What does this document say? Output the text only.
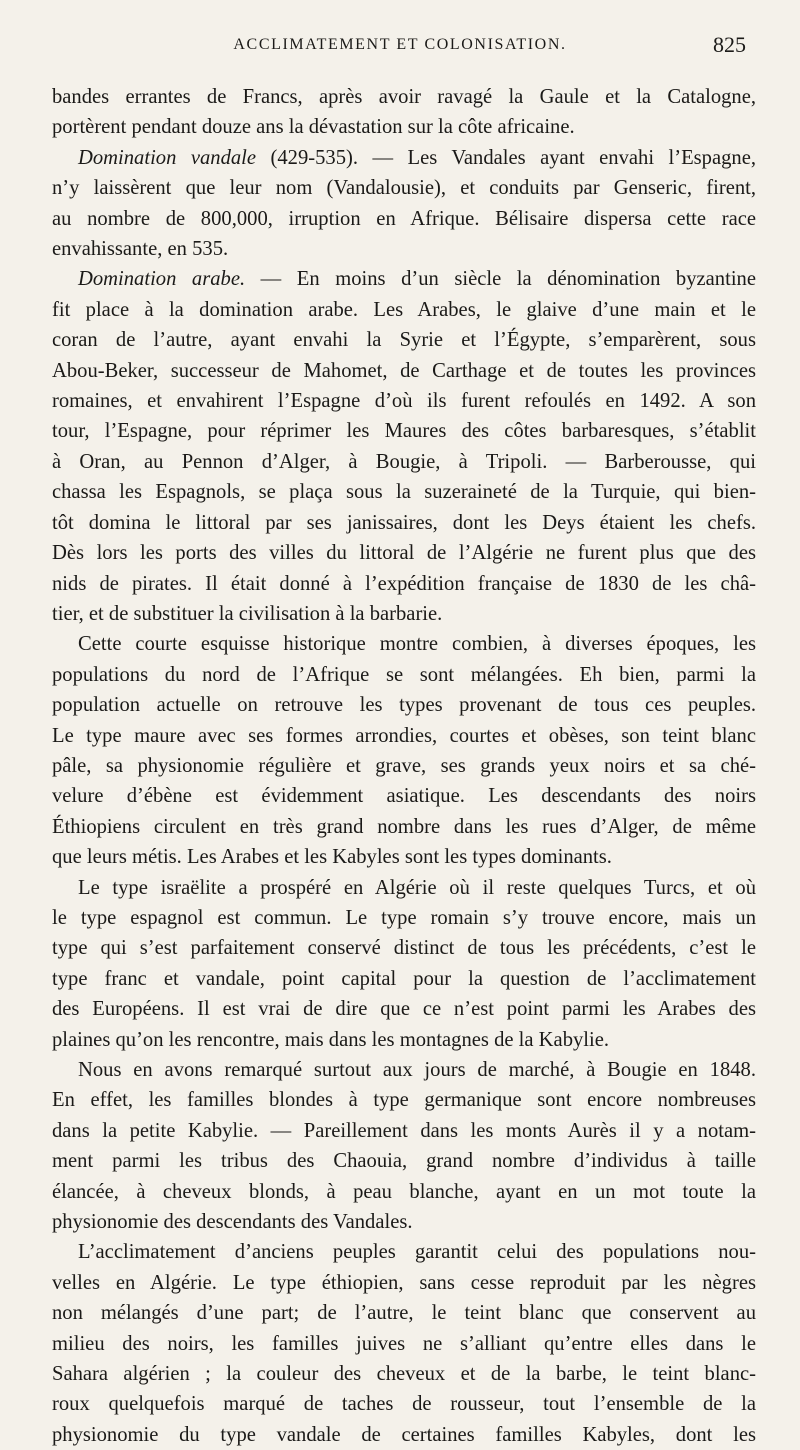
ACCLIMATEMENT ET COLONISATION.	825
bandes errantes de Francs, après avoir ravagé la Gaule et la Catalogne,
portèrent pendant douze ans la dévastation sur la côte africaine.
Domination vandale (429-535). — Les Vandales ayant envahi l’Espagne,
n’y laissèrent que leur nom (Vandalousie), et conduits par Genseric, firent,
au nombre de 800,000, irruption en Afrique. Bélisaire dispersa cette race
envahissante, en 535.
Domination arabe. — En moins d’un siècle la dénomination byzantine
fit place à la domination arabe. Les Arabes, le glaive d’une main et le
coran de l’autre, ayant envahi la Syrie et l’Égypte, s’emparèrent, sous
Abou-Beker, successeur de Mahomet, de Carthage et de toutes les provinces
romaines, et envahirent l’Espagne d’où ils furent refoulés en 1492. A son
tour, l’Espagne, pour réprimer les Maures des côtes barbaresques, s’établit
à Oran, au Pennon d’Alger, à Bougie, à Tripoli. — Barberousse, qui
chassa les Espagnols, se plaça sous la suzeraineté de la Turquie, qui bien-
tôt domina le littoral par ses janissaires, dont les Deys étaient les chefs.
Dès lors les ports des villes du littoral de l’Algérie ne furent plus que des
nids de pirates. Il était donné à l’expédition française de 1830 de les châ-
tier, et de substituer la civilisation à la barbarie.
Cette courte esquisse historique montre combien, à diverses époques, les
populations du nord de l’Afrique se sont mélangées. Eh bien, parmi la
population actuelle on retrouve les types provenant de tous ces peuples.
Le type maure avec ses formes arrondies, courtes et obèses, son teint blanc
pâle, sa physionomie régulière et grave, ses grands yeux noirs et sa ché-
velure d’ébène est évidemment asiatique. Les descendants des noirs
Éthiopiens circulent en très grand nombre dans les rues d’Alger, de même
que leurs métis. Les Arabes et les Kabyles sont les types dominants.
Le type israëlite a prospéré en Algérie où il reste quelques Turcs, et où
le type espagnol est commun. Le type romain s’y trouve encore, mais un
type qui s’est parfaitement conservé distinct de tous les précédents, c’est le
type franc et vandale, point capital pour la question de l’acclimatement
des Européens. Il est vrai de dire que ce n’est point parmi les Arabes des
plaines qu’on les rencontre, mais dans les montagnes de la Kabylie.
Nous en avons remarqué surtout aux jours de marché, à Bougie en 1848.
En effet, les familles blondes à type germanique sont encore nombreuses
dans la petite Kabylie. — Pareillement dans les monts Aurès il y a notam-
ment parmi les tribus des Chaouia, grand nombre d’individus à taille
élancée, à cheveux blonds, à peau blanche, ayant en un mot toute la
physionomie des descendants des Vandales.
L’acclimatement d’anciens peuples garantit celui des populations nou-
velles en Algérie. Le type éthiopien, sans cesse reproduit par les nègres
non mélangés d’une part; de l’autre, le teint blanc que conservent au
milieu des noirs, les familles juives ne s’alliant qu’entre elles dans le
Sahara algérien ; la couleur des cheveux et de la barbe, le teint blanc-
roux quelquefois marqué de taches de rousseur, tout l’ensemble de la
physionomie du type vandale de certaines familles Kabyles, dont les
